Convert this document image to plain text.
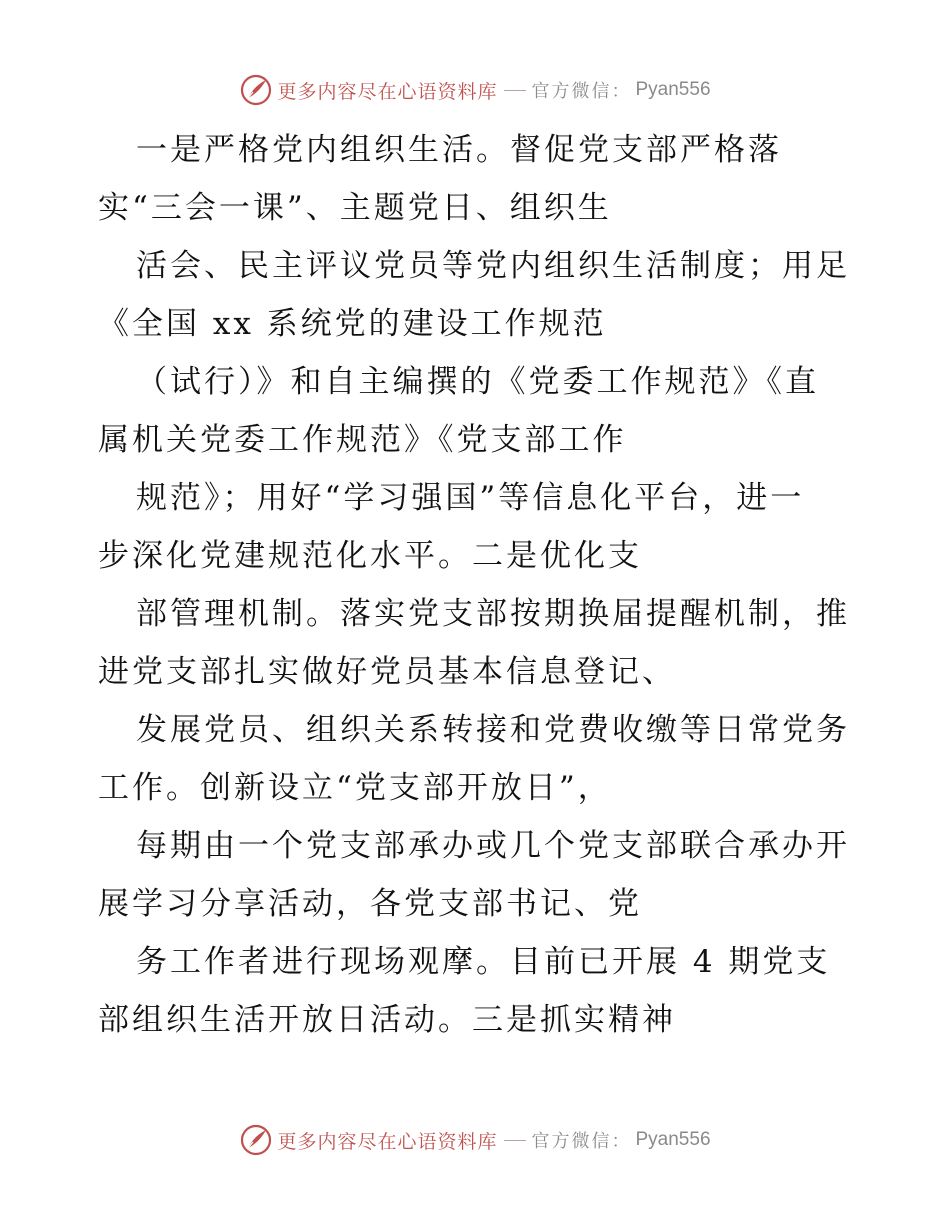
更多内容尽在心语资料库 官方微信： Pyan556
一是严格党内组织生活。督促党支部严格落
实“三会一课”、主题党日、组织生
活会、民主评议党员等党内组织生活制度；用足
《全国 xx 系统党的建设工作规范
（试行）》和自主编撰的《党委工作规范》《直
属机关党委工作规范》《党支部工作
规范》；用好“学习强国”等信息化平台，进一
步深化党建规范化水平。二是优化支
部管理机制。落实党支部按期换届提醒机制，推
进党支部扎实做好党员基本信息登记、
发展党员、组织关系转接和党费收缴等日常党务
工作。创新设立“党支部开放日”，
每期由一个党支部承办或几个党支部联合承办开
展学习分享活动，各党支部书记、党
务工作者进行现场观摩。目前已开展 4 期党支
部组织生活开放日活动。三是抓实精神
更多内容尽在心语资料库 官方微信： Pyan556
